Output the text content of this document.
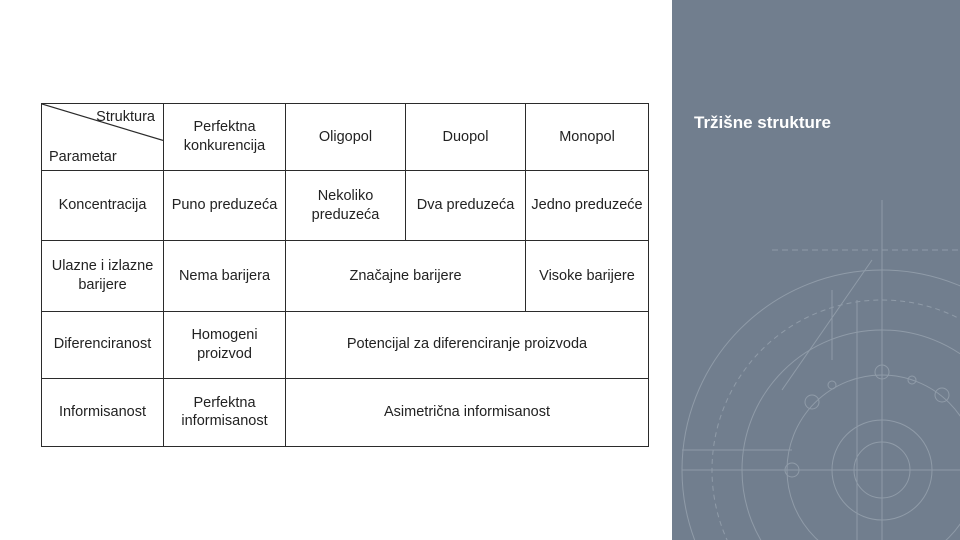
Tržišne strukture
Struktura
Parametar	Perfektna konkurencija	Oligopol	Duopol	Monopol
Koncentracija	Puno preduzeća	Nekoliko preduzeća	Dva preduzeća	Jedno preduzeće
Ulazne i izlazne barijere	Nema barijera	Značajne barijere		Visoke barijere
Diferenciranost	Homogeni proizvod	Potencijal za diferenciranje proizvoda		
Informisanost	Perfektna informisanost	Asimetrična informisanost		
